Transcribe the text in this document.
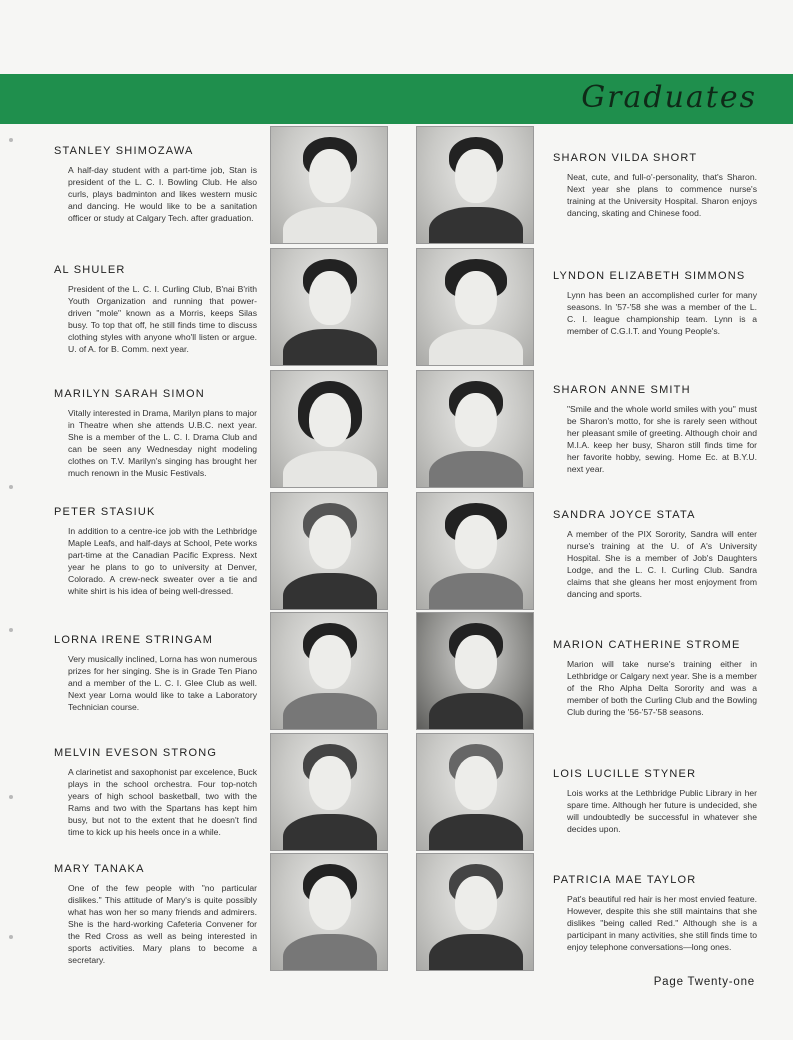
Graduates

STANLEY SHIMOZAWA

A half-day student with a part-time job, Stan is president of the L. C. I. Bowling Club. He also curls, plays badminton and likes western music and dancing. He would like to be a sanitation officer or study at Calgary Tech. after graduation.

AL SHULER

President of the L. C. I. Curling Club, B'nai B'rith Youth Organization and running that power-driven "mole" known as a Morris, keeps Silas busy. To top that off, he still finds time to discuss clothing styles with anyone who'll listen or argue. U. of A. for B. Comm. next year.

MARILYN SARAH SIMON

Vitally interested in Drama, Marilyn plans to major in Theatre when she attends U.B.C. next year. She is a member of the L. C. I. Drama Club and can be seen any Wednesday night modeling clothes on T.V. Marilyn's singing has brought her much renown in the Music Festivals.

PETER STASIUK

In addition to a centre-ice job with the Lethbridge Maple Leafs, and half-days at School, Pete works part-time at the Canadian Pacific Express. Next year he plans to go to university at Denver, Colorado. A crew-neck sweater over a tie and white shirt is his idea of being well-dressed.

LORNA IRENE STRINGAM

Very musically inclined, Lorna has won numerous prizes for her singing. She is in Grade Ten Piano and a member of the L. C. I. Glee Club as well. Next year Lorna would like to take a Laboratory Technician course.

MELVIN EVESON STRONG

A clarinetist and saxophonist par excelence, Buck plays in the school orchestra. Four top-notch years of high school basketball, two with the Rams and two with the Spartans has kept him busy, but not to the extent that he doesn't find time to kick up his heels once in a while.

MARY TANAKA

One of the few people with "no particular dislikes." This attitude of Mary's is quite possibly what has won her so many friends and admirers. She is the hard-working Cafeteria Convener for the Red Cross as well as being interested in sports activities. Mary plans to become a secretary.

SHARON VILDA SHORT

Neat, cute, and full-o'-personality, that's Sharon. Next year she plans to commence nurse's training at the University Hospital. Sharon enjoys dancing, skating and Chinese food.

LYNDON ELIZABETH SIMMONS

Lynn has been an accomplished curler for many seasons. In '57-'58 she was a member of the L. C. I. league championship team. Lynn is a member of C.G.I.T. and Young People's.

SHARON ANNE SMITH

"Smile and the whole world smiles with you" must be Sharon's motto, for she is rarely seen without her pleasant smile of greeting. Although choir and M.I.A. keep her busy, Sharon still finds time for her favorite hobby, sewing. Home Ec. at B.Y.U. next year.

SANDRA JOYCE STATA

A member of the PIX Sorority, Sandra will enter nurse's training at the U. of A's University Hospital. She is a member of Job's Daughters Lodge, and the L. C. I. Curling Club. Sandra claims that she gleans her most enjoyment from dancing and sports.

MARION CATHERINE STROME

Marion will take nurse's training either in Lethbridge or Calgary next year. She is a member of the Rho Alpha Delta Sorority and was a member of both the Curling Club and the Bowling Club during the '56-'57-'58 seasons.

LOIS LUCILLE STYNER

Lois works at the Lethbridge Public Library in her spare time. Although her future is undecided, she will undoubtedly be successful in whatever she decides upon.

PATRICIA MAE TAYLOR

Pat's beautiful red hair is her most envied feature. However, despite this she still maintains that she dislikes "being called Red." Although she is a participant in many activities, she still finds time to enjoy telephone conversations—long ones.

Page Twenty-one
